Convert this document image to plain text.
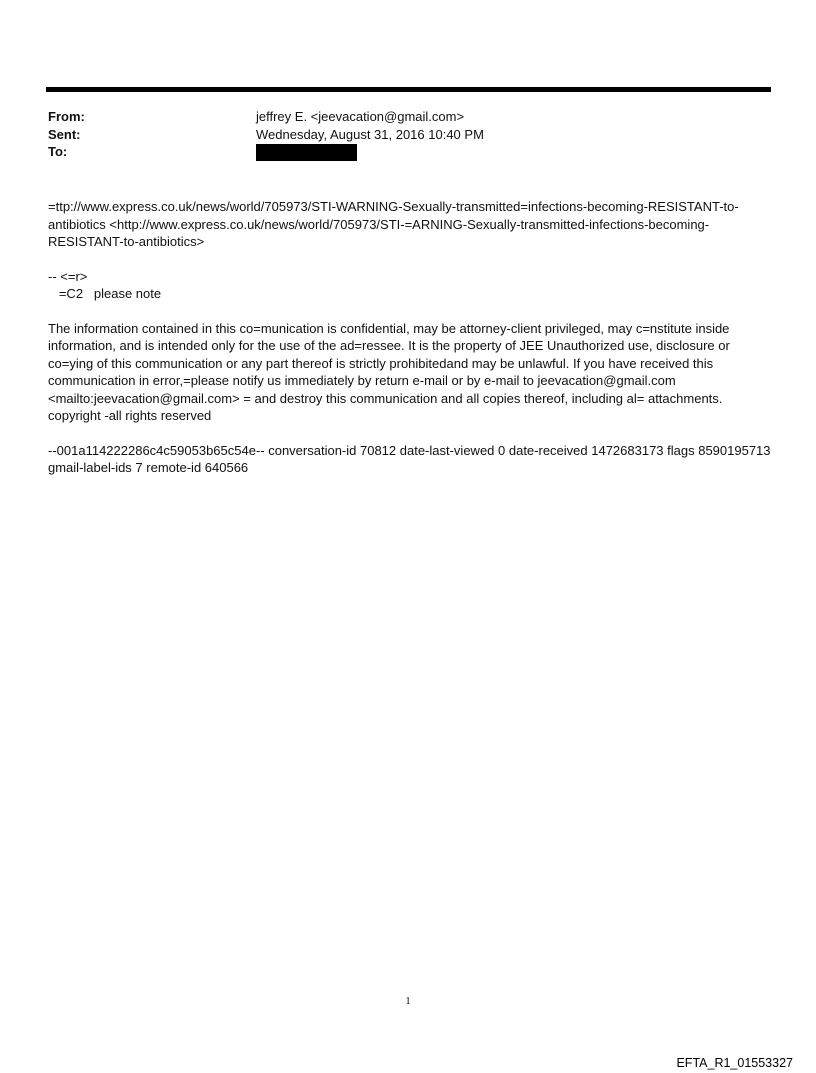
From:	jeffrey E. <jeevacation@gmail.com>
Sent:	Wednesday, August 31, 2016 10:40 PM
To:

=ttp://www.express.co.uk/news/world/705973/STI-WARNING-Sexually-transmitted=infections-becoming-RESISTANT-to-antibiotics <http://www.express.co.uk/news/world/705973/STI-=ARNING-Sexually-transmitted-infections-becoming-RESISTANT-to-antibiotics>

-- <=r>

=C2   please note

The information contained in this co=munication is confidential, may be attorney-client privileged, may c=nstitute inside information, and is intended only for the use of the ad=ressee. It is the property of JEE Unauthorized use, disclosure or co=ying of this communication or any part thereof is strictly prohibitedand may be unlawful. If you have received this communication in error,=please notify us immediately by return e-mail or by e-mail to jeevacation@gmail.com <mailto:jeevacation@gmail.com> = and destroy this communication and all copies thereof, including al= attachments. copyright -all rights reserved

--001a114222286c4c59053b65c54e-- conversation-id 70812 date-last-viewed 0 date-received 1472683173 flags 8590195713 gmail-label-ids 7 remote-id 640566

1
EFTA_R1_01553327
